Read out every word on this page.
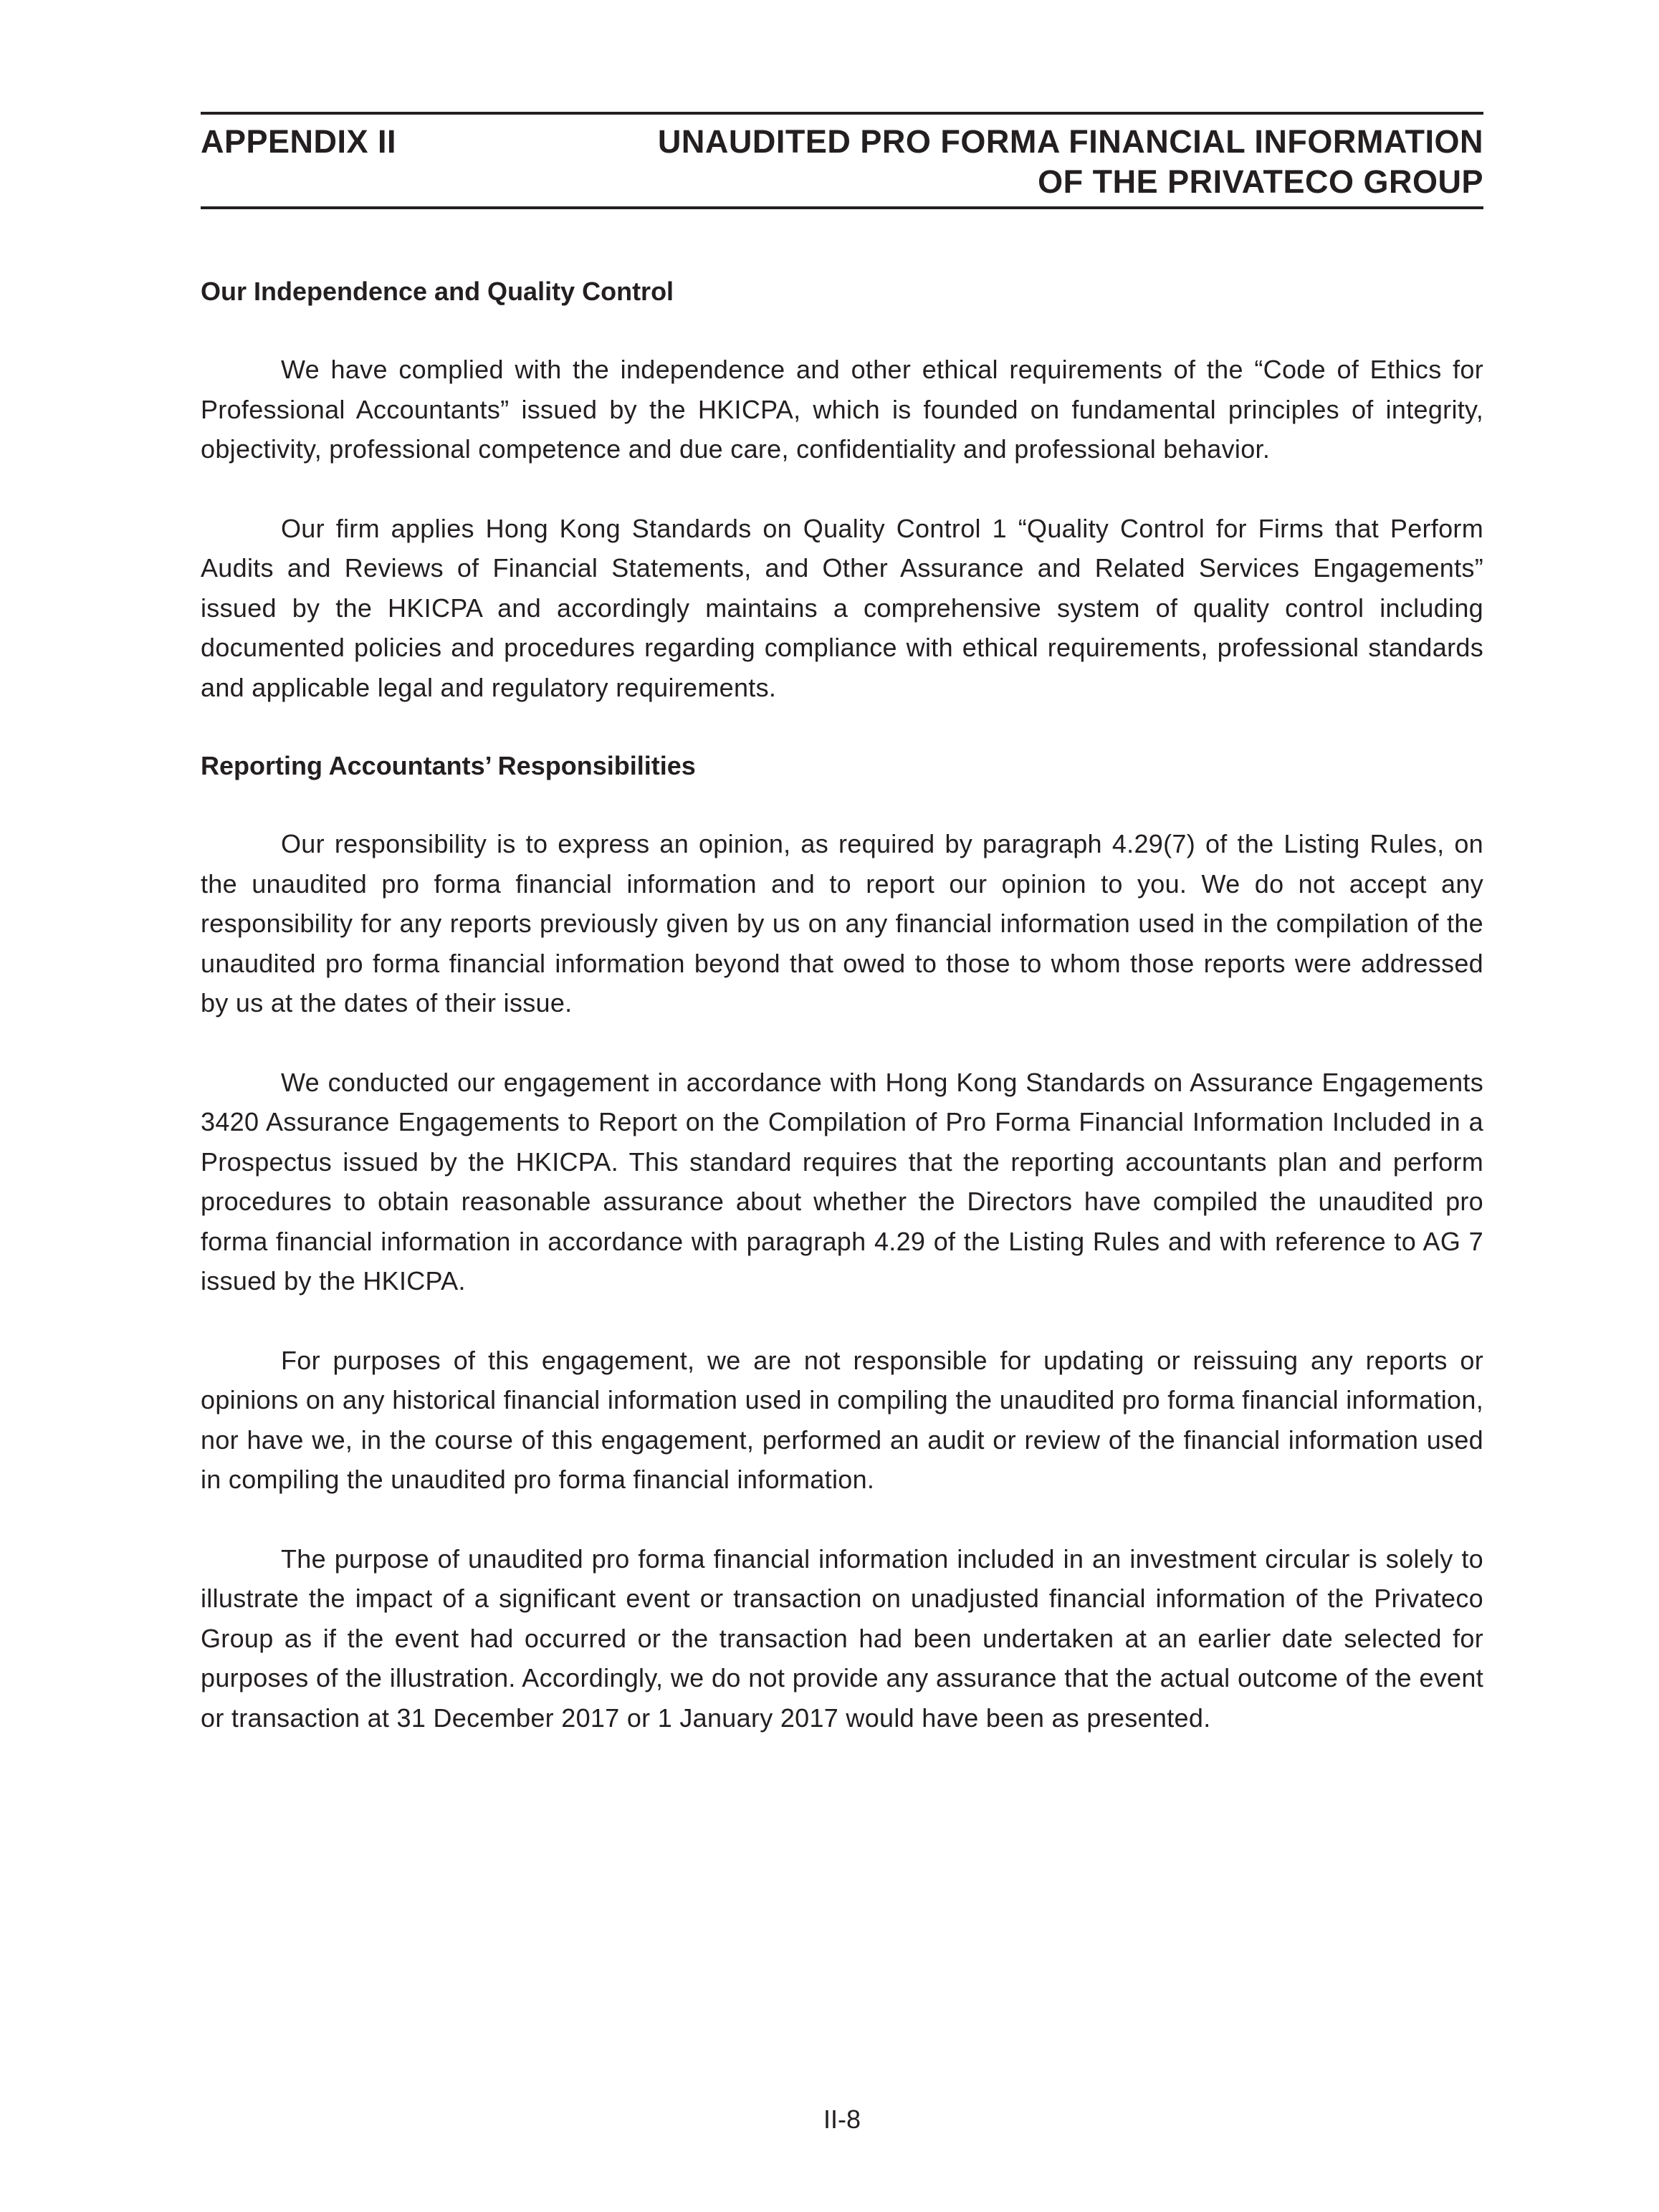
APPENDIX II	UNAUDITED PRO FORMA FINANCIAL INFORMATION
OF THE PRIVATECO GROUP
Our Independence and Quality Control

We have complied with the independence and other ethical requirements of the “Code of Ethics for Professional Accountants” issued by the HKICPA, which is founded on fundamental principles of integrity, objectivity, professional competence and due care, confidentiality and professional behavior.

Our firm applies Hong Kong Standards on Quality Control 1 “Quality Control for Firms that Perform Audits and Reviews of Financial Statements, and Other Assurance and Related Services Engagements” issued by the HKICPA and accordingly maintains a comprehensive system of quality control including documented policies and procedures regarding compliance with ethical requirements, professional standards and applicable legal and regulatory requirements.

Reporting Accountants’ Responsibilities

Our responsibility is to express an opinion, as required by paragraph 4.29(7) of the Listing Rules, on the unaudited pro forma financial information and to report our opinion to you. We do not accept any responsibility for any reports previously given by us on any financial information used in the compilation of the unaudited pro forma financial information beyond that owed to those to whom those reports were addressed by us at the dates of their issue.

We conducted our engagement in accordance with Hong Kong Standards on Assurance Engagements 3420 Assurance Engagements to Report on the Compilation of Pro Forma Financial Information Included in a Prospectus issued by the HKICPA. This standard requires that the reporting accountants plan and perform procedures to obtain reasonable assurance about whether the Directors have compiled the unaudited pro forma financial information in accordance with paragraph 4.29 of the Listing Rules and with reference to AG 7 issued by the HKICPA.

For purposes of this engagement, we are not responsible for updating or reissuing any reports or opinions on any historical financial information used in compiling the unaudited pro forma financial information, nor have we, in the course of this engagement, performed an audit or review of the financial information used in compiling the unaudited pro forma financial information.

The purpose of unaudited pro forma financial information included in an investment circular is solely to illustrate the impact of a significant event or transaction on unadjusted financial information of the Privateco Group as if the event had occurred or the transaction had been undertaken at an earlier date selected for purposes of the illustration. Accordingly, we do not provide any assurance that the actual outcome of the event or transaction at 31 December 2017 or 1 January 2017 would have been as presented.

II-8
